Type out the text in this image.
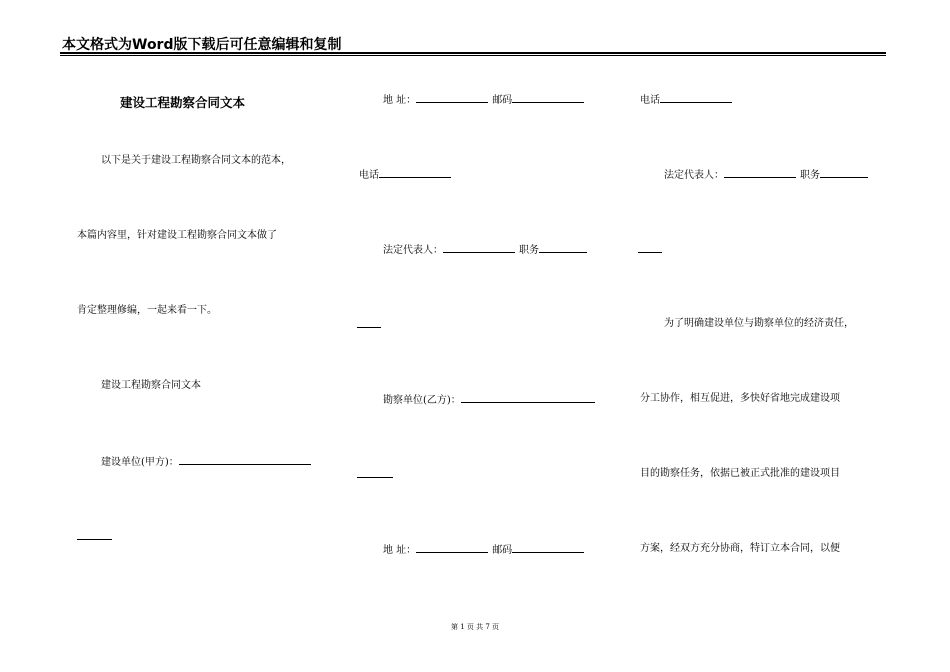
本文格式为Word版下载后可任意编辑和复制
建设工程勘察合同文本
以下是关于建设工程勘察合同文本的范本，
本篇内容里，针对建设工程勘察合同文本做了
肯定整理修编，一起来看一下。
建设工程勘察合同文本
建设单位(甲方)：
地 址：	邮码
电话
法定代表人：	职务
勘察单位(乙方)：
地 址：	邮码
电话
法定代表人：	职务
为了明确建设单位与勘察单位的经济责任，
分工协作，相互促进，多快好省地完成建设项
目的勘察任务，依据已被正式批准的建设项目
方案，经双方充分协商，特订立本合同，以便
第 1 页 共 7 页
